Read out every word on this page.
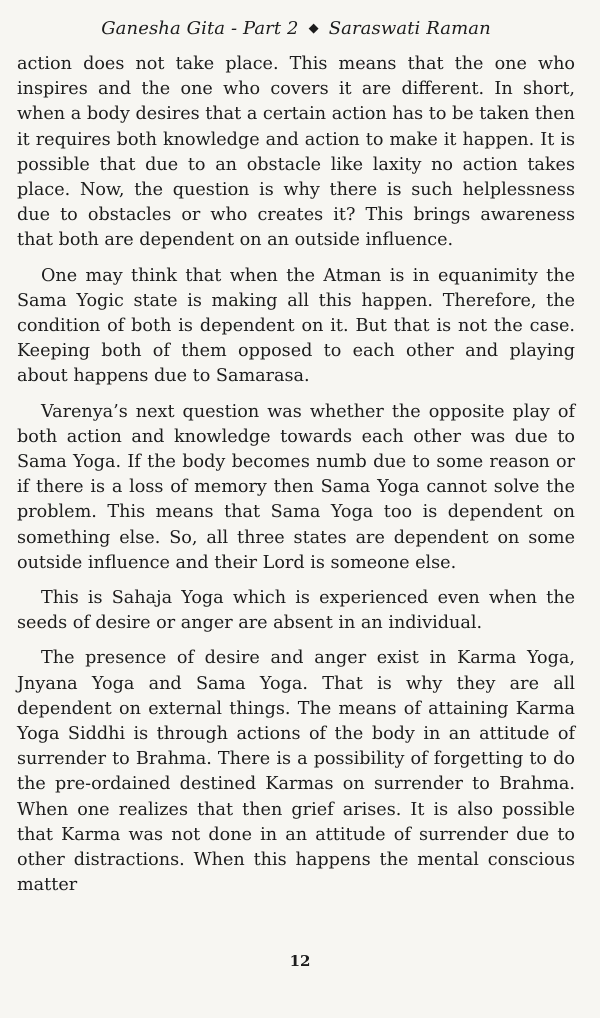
Ganesha Gita - Part 2 ◆ Saraswati Raman

action does not take place. This means that the one who inspires and the one who covers it are different. In short, when a body desires that a certain action has to be taken then it requires both knowledge and action to make it happen. It is possible that due to an obstacle like laxity no action takes place. Now, the question is why there is such helplessness due to obstacles or who creates it? This brings awareness that both are dependent on an outside influence.

One may think that when the Atman is in equanimity the Sama Yogic state is making all this happen. Therefore, the condition of both is dependent on it. But that is not the case. Keeping both of them opposed to each other and playing about happens due to Samarasa.

Varenya’s next question was whether the opposite play of both action and knowledge towards each other was due to Sama Yoga. If the body becomes numb due to some reason or if there is a loss of memory then Sama Yoga cannot solve the problem. This means that Sama Yoga too is dependent on something else. So, all three states are dependent on some outside influence and their Lord is someone else.

This is Sahaja Yoga which is experienced even when the seeds of desire or anger are absent in an individual.

The presence of desire and anger exist in Karma Yoga, Jnyana Yoga and Sama Yoga. That is why they are all dependent on external things. The means of attaining Karma Yoga Siddhi is through actions of the body in an attitude of surrender to Brahma. There is a possibility of forgetting to do the pre-ordained destined Karmas on surrender to Brahma. When one realizes that then grief arises. It is also possible that Karma was not done in an attitude of surrender due to other distractions. When this happens the mental conscious matter

12
